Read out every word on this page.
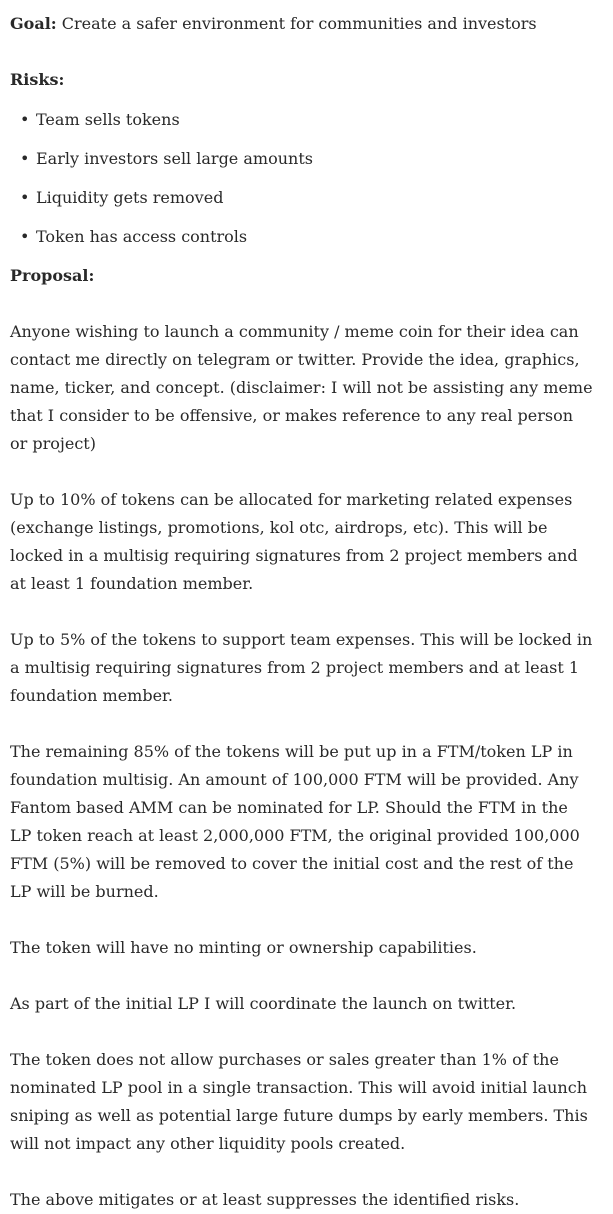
Goal: Create a safer environment for communities and investors

Risks:

• Team sells tokens
• Early investors sell large amounts
• Liquidity gets removed
• Token has access controls

Proposal:

Anyone wishing to launch a community / meme coin for their idea can contact me directly on telegram or twitter. Provide the idea, graphics, name, ticker, and concept. (disclaimer: I will not be assisting any meme that I consider to be offensive, or makes reference to any real person or project)

Up to 10% of tokens can be allocated for marketing related expenses (exchange listings, promotions, kol otc, airdrops, etc). This will be locked in a multisig requiring signatures from 2 project members and at least 1 foundation member.

Up to 5% of the tokens to support team expenses. This will be locked in a multisig requiring signatures from 2 project members and at least 1 foundation member.

The remaining 85% of the tokens will be put up in a FTM/token LP in foundation multisig. An amount of 100,000 FTM will be provided. Any Fantom based AMM can be nominated for LP. Should the FTM in the LP token reach at least 2,000,000 FTM, the original provided 100,000 FTM (5%) will be removed to cover the initial cost and the rest of the LP will be burned.

The token will have no minting or ownership capabilities.

As part of the initial LP I will coordinate the launch on twitter.

The token does not allow purchases or sales greater than 1% of the nominated LP pool in a single transaction. This will avoid initial launch sniping as well as potential large future dumps by early members. This will not impact any other liquidity pools created.

The above mitigates or at least suppresses the identified risks.
